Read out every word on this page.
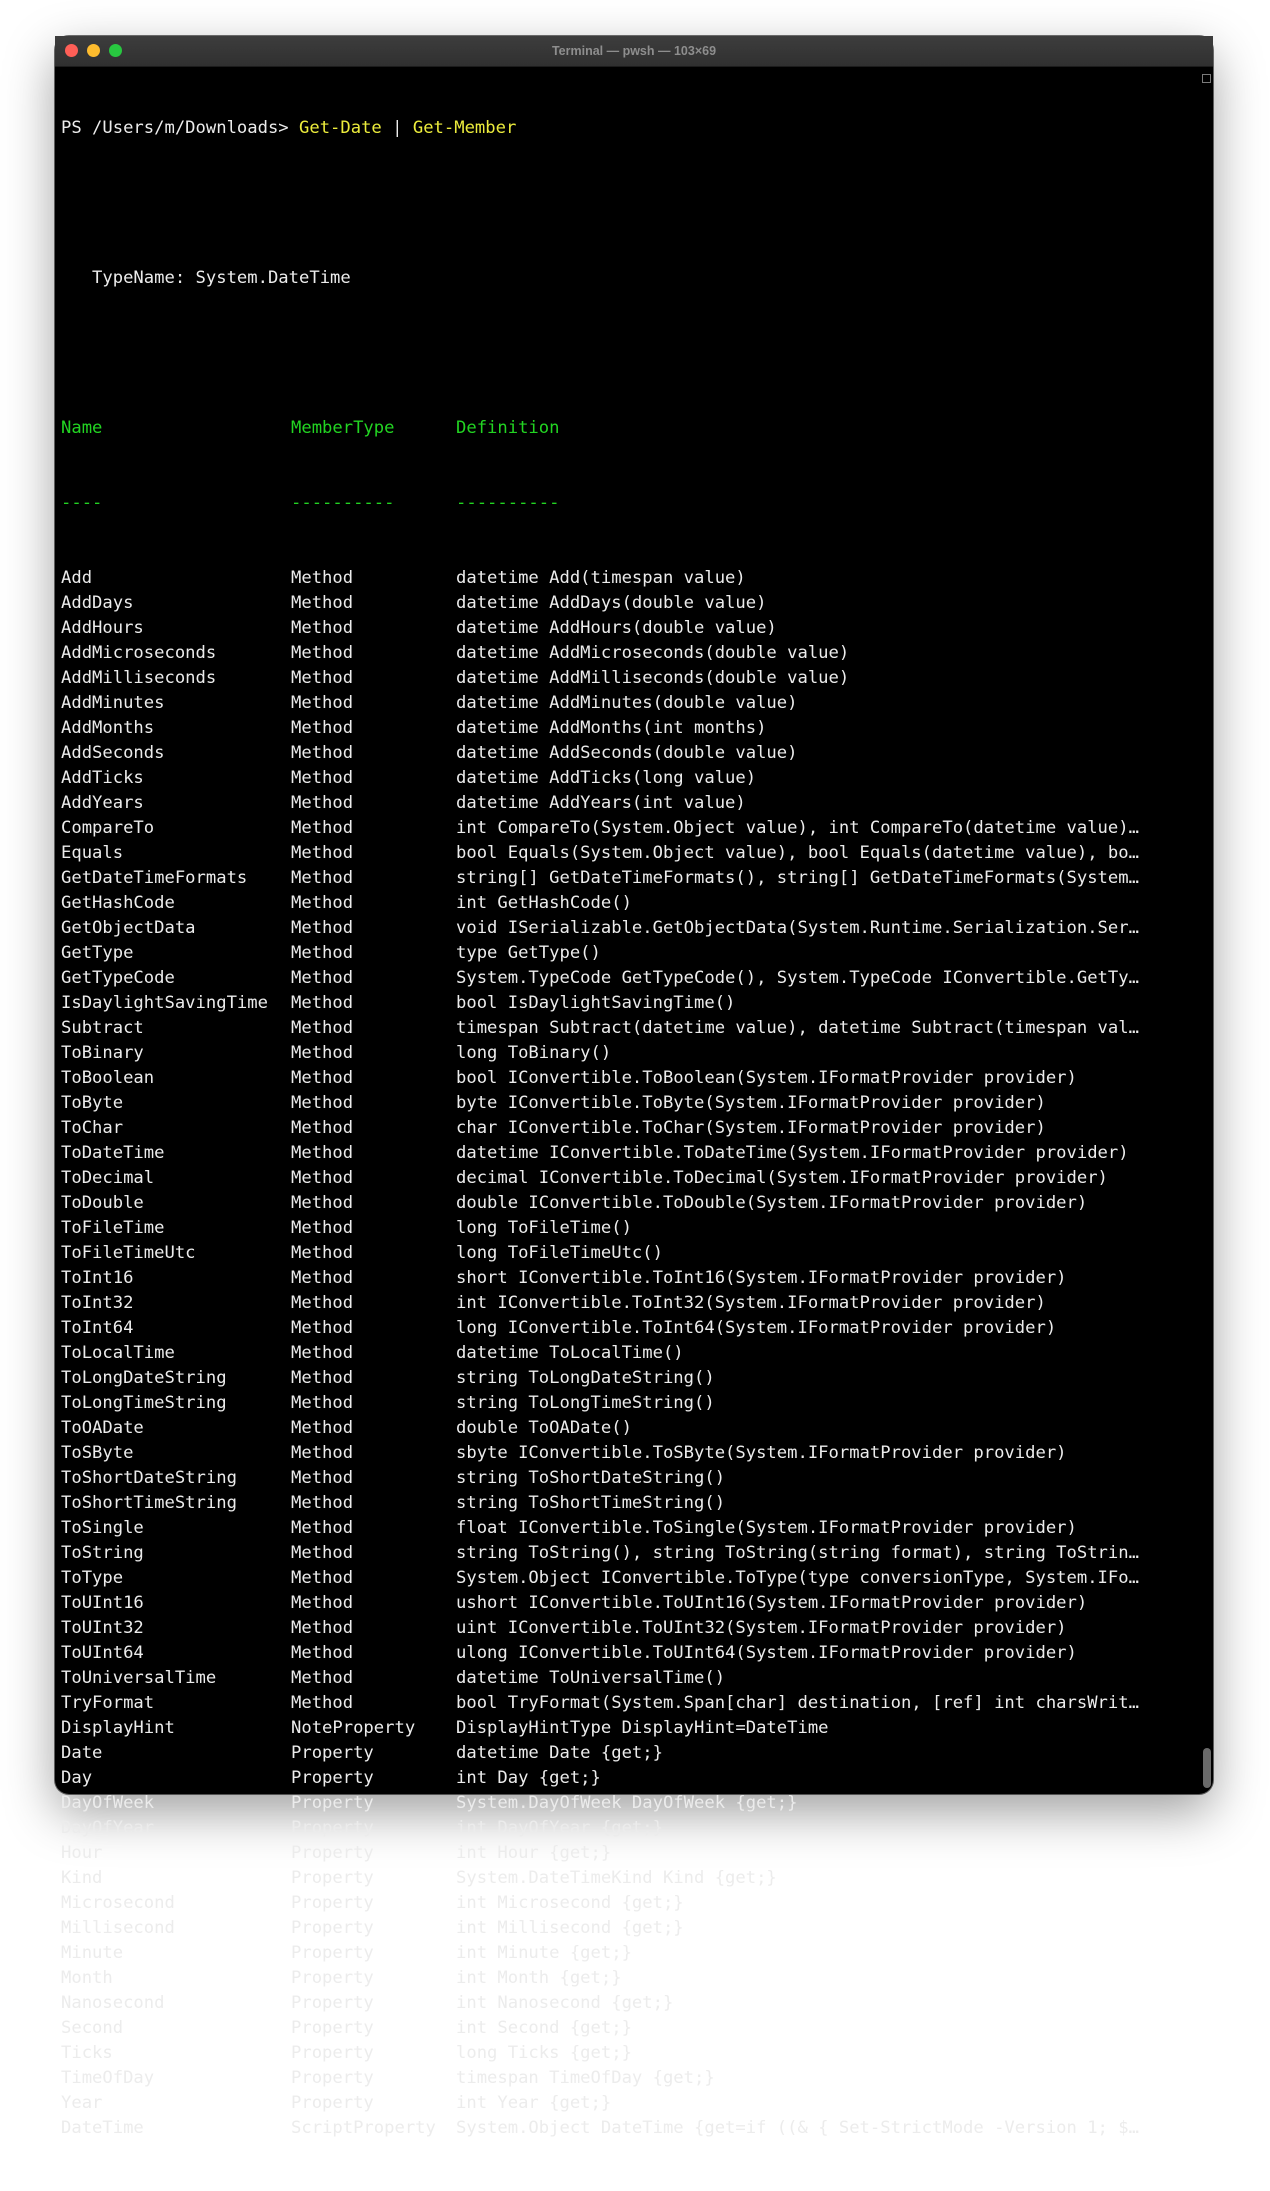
Terminal — pwsh — 103×69

PS /Users/m/Downloads> Get-Date | Get-Member

TypeName: System.DateTime

Name	MemberType	Definition

----	----------	----------

Add	Method	datetime Add(timespan value)
AddDays	Method	datetime AddDays(double value)
AddHours	Method	datetime AddHours(double value)
AddMicroseconds	Method	datetime AddMicroseconds(double value)
AddMilliseconds	Method	datetime AddMilliseconds(double value)
AddMinutes	Method	datetime AddMinutes(double value)
AddMonths	Method	datetime AddMonths(int months)
AddSeconds	Method	datetime AddSeconds(double value)
AddTicks	Method	datetime AddTicks(long value)
AddYears	Method	datetime AddYears(int value)
CompareTo	Method	int CompareTo(System.Object value), int CompareTo(datetime value)…
Equals	Method	bool Equals(System.Object value), bool Equals(datetime value), bo…
GetDateTimeFormats	Method	string[] GetDateTimeFormats(), string[] GetDateTimeFormats(System…
GetHashCode	Method	int GetHashCode()
GetObjectData	Method	void ISerializable.GetObjectData(System.Runtime.Serialization.Ser…
GetType	Method	type GetType()
GetTypeCode	Method	System.TypeCode GetTypeCode(), System.TypeCode IConvertible.GetTy…
IsDaylightSavingTime	Method	bool IsDaylightSavingTime()
Subtract	Method	timespan Subtract(datetime value), datetime Subtract(timespan val…
ToBinary	Method	long ToBinary()
ToBoolean	Method	bool IConvertible.ToBoolean(System.IFormatProvider provider)
ToByte	Method	byte IConvertible.ToByte(System.IFormatProvider provider)
ToChar	Method	char IConvertible.ToChar(System.IFormatProvider provider)
ToDateTime	Method	datetime IConvertible.ToDateTime(System.IFormatProvider provider)
ToDecimal	Method	decimal IConvertible.ToDecimal(System.IFormatProvider provider)
ToDouble	Method	double IConvertible.ToDouble(System.IFormatProvider provider)
ToFileTime	Method	long ToFileTime()
ToFileTimeUtc	Method	long ToFileTimeUtc()
ToInt16	Method	short IConvertible.ToInt16(System.IFormatProvider provider)
ToInt32	Method	int IConvertible.ToInt32(System.IFormatProvider provider)
ToInt64	Method	long IConvertible.ToInt64(System.IFormatProvider provider)
ToLocalTime	Method	datetime ToLocalTime()
ToLongDateString	Method	string ToLongDateString()
ToLongTimeString	Method	string ToLongTimeString()
ToOADate	Method	double ToOADate()
ToSByte	Method	sbyte IConvertible.ToSByte(System.IFormatProvider provider)
ToShortDateString	Method	string ToShortDateString()
ToShortTimeString	Method	string ToShortTimeString()
ToSingle	Method	float IConvertible.ToSingle(System.IFormatProvider provider)
ToString	Method	string ToString(), string ToString(string format), string ToStrin…
ToType	Method	System.Object IConvertible.ToType(type conversionType, System.IFo…
ToUInt16	Method	ushort IConvertible.ToUInt16(System.IFormatProvider provider)
ToUInt32	Method	uint IConvertible.ToUInt32(System.IFormatProvider provider)
ToUInt64	Method	ulong IConvertible.ToUInt64(System.IFormatProvider provider)
ToUniversalTime	Method	datetime ToUniversalTime()
TryFormat	Method	bool TryFormat(System.Span[char] destination, [ref] int charsWrit…
DisplayHint	NoteProperty	DisplayHintType DisplayHint=DateTime
Date	Property	datetime Date {get;}
Day	Property	int Day {get;}
DayOfWeek	Property	System.DayOfWeek DayOfWeek {get;}
DayOfYear	Property	int DayOfYear {get;}
Hour	Property	int Hour {get;}
Kind	Property	System.DateTimeKind Kind {get;}
Microsecond	Property	int Microsecond {get;}
Millisecond	Property	int Millisecond {get;}
Minute	Property	int Minute {get;}
Month	Property	int Month {get;}
Nanosecond	Property	int Nanosecond {get;}
Second	Property	int Second {get;}
Ticks	Property	long Ticks {get;}
TimeOfDay	Property	timespan TimeOfDay {get;}
Year	Property	int Year {get;}
DateTime	ScriptProperty	System.Object DateTime {get=if ((& { Set-StrictMode -Version 1; $…
